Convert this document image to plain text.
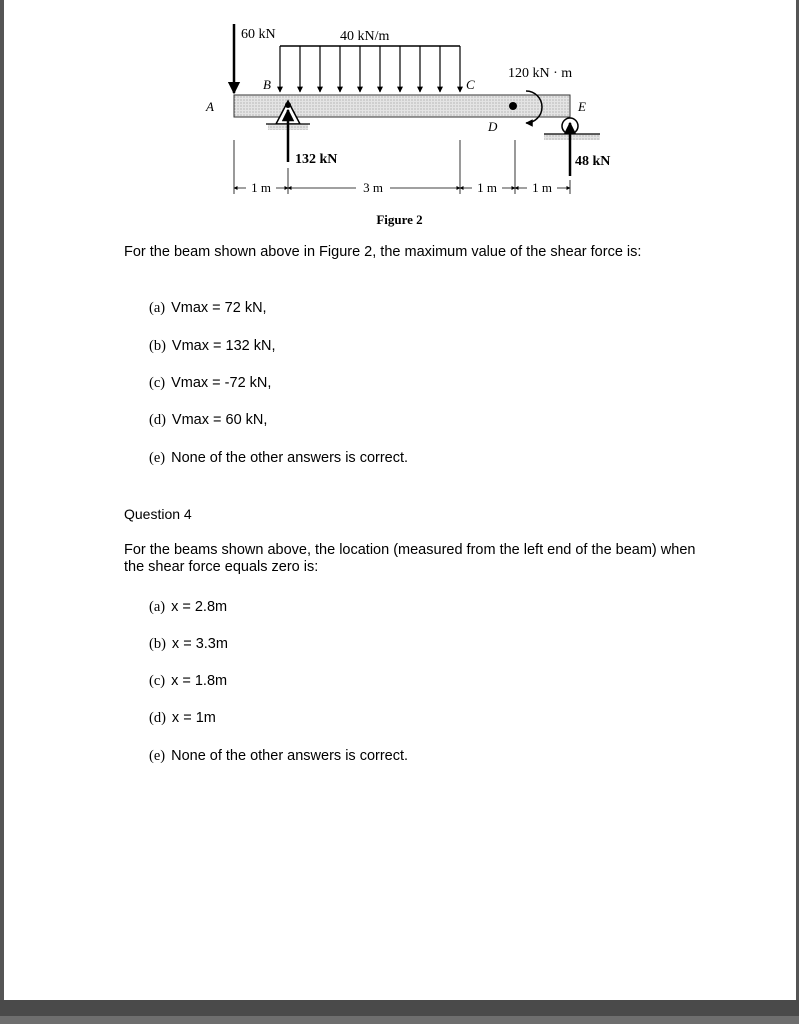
60 kN	40 kN/m
A
B	C
D
E
132 kN
120 kN · m
48 kN
1 m	3 m	1 m	1 m
Figure 2
For the beam shown above in Figure 2, the maximum value of the shear force is:
(a) Vmax = 72 kN,
(b) Vmax = 132 kN,
(c) Vmax = -72 kN,
(d) Vmax = 60 kN,
(e) None of the other answers is correct.
Question 4
For the beams shown above, the location (measured from the left end of the beam) when the shear force equals zero is:
(a) x = 2.8m
(b) x = 3.3m
(c) x = 1.8m
(d) x = 1m
(e) None of the other answers is correct.
